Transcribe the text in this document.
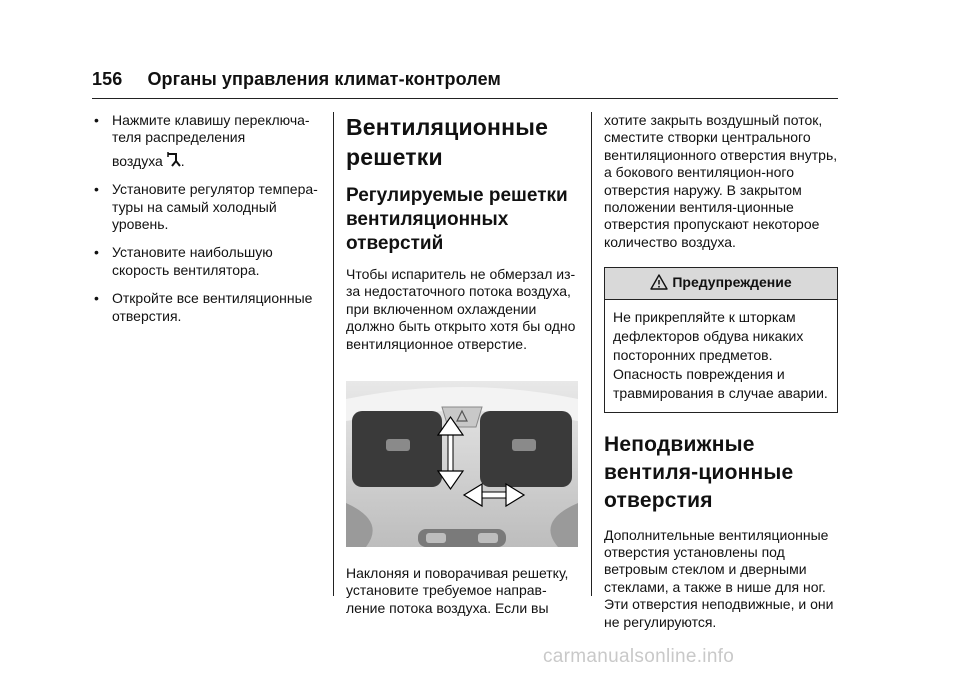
156 Органы управления климат-контролем
• Нажмите клавишу переключа-
теля распределения
воздуха .
• Установите регулятор темпера-туры на самый холодный уровень.
• Установите наибольшую скорость вентилятора.
• Откройте все вентиляционные отверстия.
Вентиляционные решетки
Регулируемые решетки вентиляционных отверстий

Чтобы испаритель не обмерзал из-за недостаточного потока воздуха, при включенном охлаждении должно быть открыто хотя бы одно вентиляционное отверстие.

Наклоняя и поворачивая решетку, установите требуемое направ-ление потока воздуха. Если вы

хотите закрыть воздушный поток, сместите створки центрального вентиляционного отверстия внутрь, а бокового вентиляцион-ного отверстия наружу. В закрытом положении вентиля-ционные отверстия пропускают некоторое количество воздуха.

Предупреждение
Не прикрепляйте к шторкам дефлекторов обдува никаких посторонних предметов. Опасность повреждения и травмирования в случае аварии.
Неподвижные вентиля-ционные отверстия

Дополнительные вентиляционные отверстия установлены под ветровым стеклом и дверными стеклами, а также в нише для ног. Эти отверстия неподвижные, и они не регулируются.

carmanualsonline.info
